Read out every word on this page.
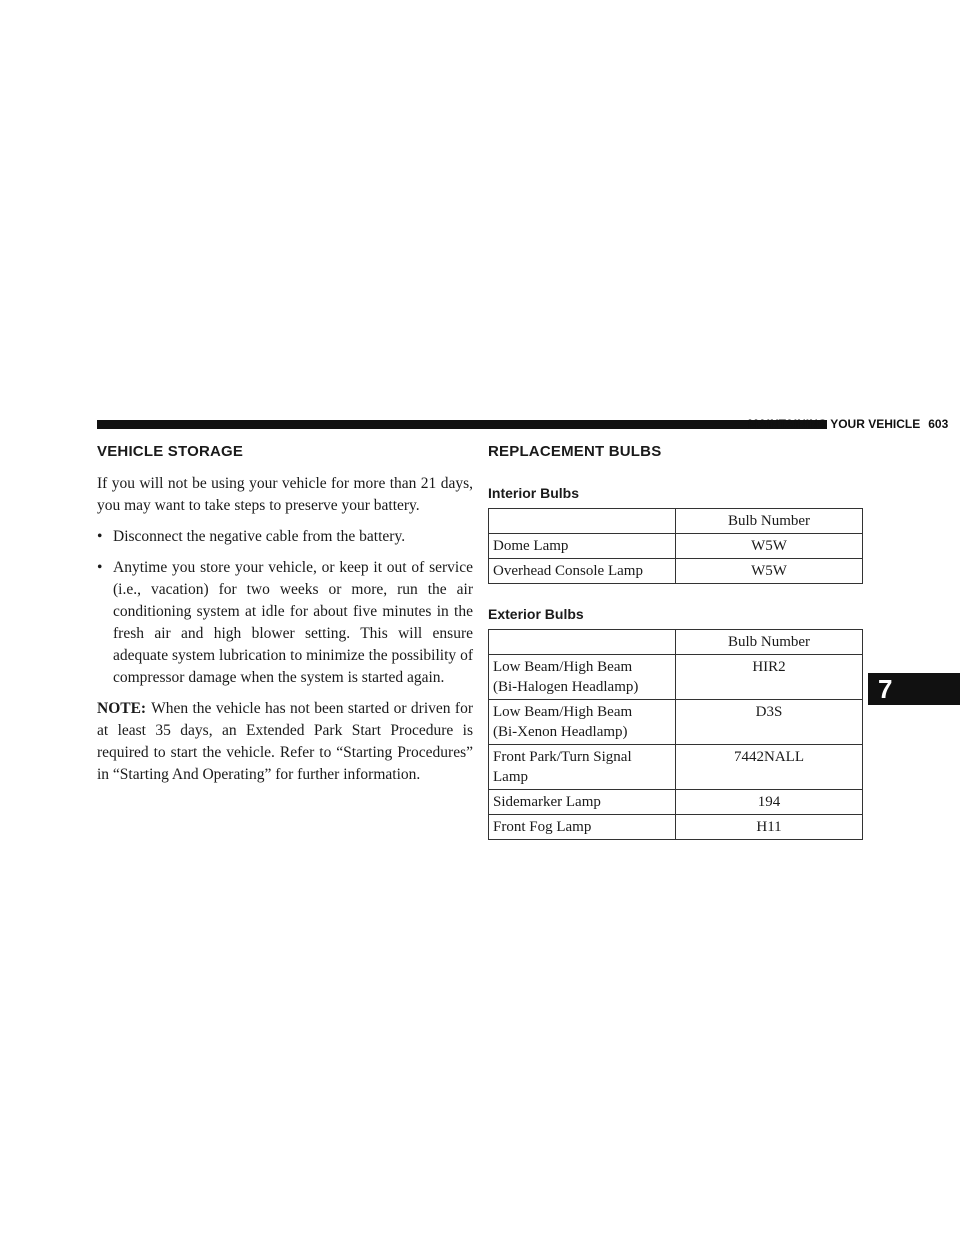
MAINTAINING YOUR VEHICLE 603
7
VEHICLE STORAGE

If you will not be using your vehicle for more than 21 days, you may want to take steps to preserve your battery.

• Disconnect the negative cable from the battery.
• Anytime you store your vehicle, or keep it out of service (i.e., vacation) for two weeks or more, run the air conditioning system at idle for about five minutes in the fresh air and high blower setting. This will ensure adequate system lubrication to minimize the possibility of compressor damage when the system is started again.

NOTE: When the vehicle has not been started or driven for at least 35 days, an Extended Park Start Procedure is required to start the vehicle. Refer to “Starting Procedures” in “Starting And Operating” for further information.

REPLACEMENT BULBS
Interior Bulbs
	Bulb Number
Dome Lamp	W5W
Overhead Console Lamp	W5W
Exterior Bulbs
	Bulb Number
Low Beam/High Beam
(Bi-Halogen Headlamp)	HIR2
Low Beam/High Beam
(Bi-Xenon Headlamp)	D3S
Front Park/Turn Signal
Lamp	7442NALL
Sidemarker Lamp	194
Front Fog Lamp	H11
